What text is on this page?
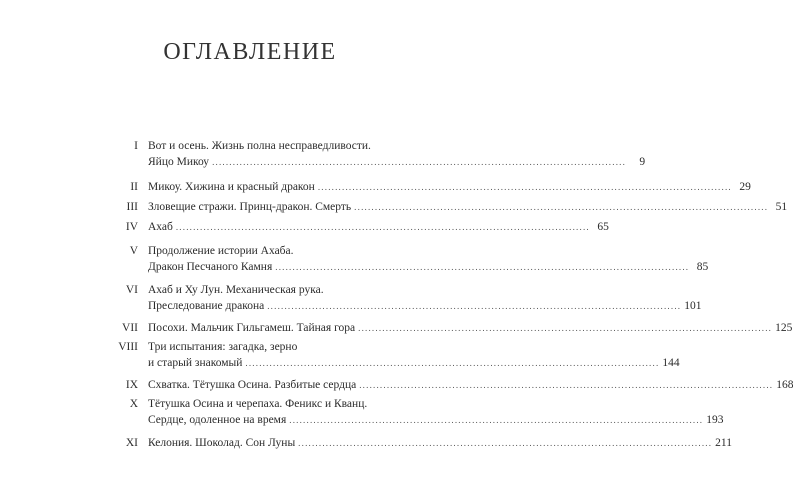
ОГЛАВЛЕНИЕ
I Вот и осень. Жизнь полна несправедливости.
Яйцо Микоу ........................................................................................................................	9
II Микоу. Хижина и красный дракон ........................................................................................................................ 29
III Зловещие стражи. Принц-дракон. Смерть ........................................................................................................................ 51
IV Ахаб ........................................................................................................................ 65
V Продолжение истории Ахаба.
Дракон Песчаного Камня ........................................................................................................................ 85
VI Ахаб и Ху Лун. Механическая рука.
Преследование дракона ........................................................................................................................ 101
VII Посохи. Мальчик Гильгамеш. Тайная гора ........................................................................................................................ 125
VIII Три испытания: загадка, зерно
и старый знакомый ........................................................................................................................ 144
IX Схватка. Тётушка Осина. Разбитые сердца ........................................................................................................................ 168
X Тётушка Осина и черепаха. Феникс и Кванц.
Сердце, одоленное на время ........................................................................................................................ 193
XI Келония. Шоколад. Сон Луны ........................................................................................................................ 211
